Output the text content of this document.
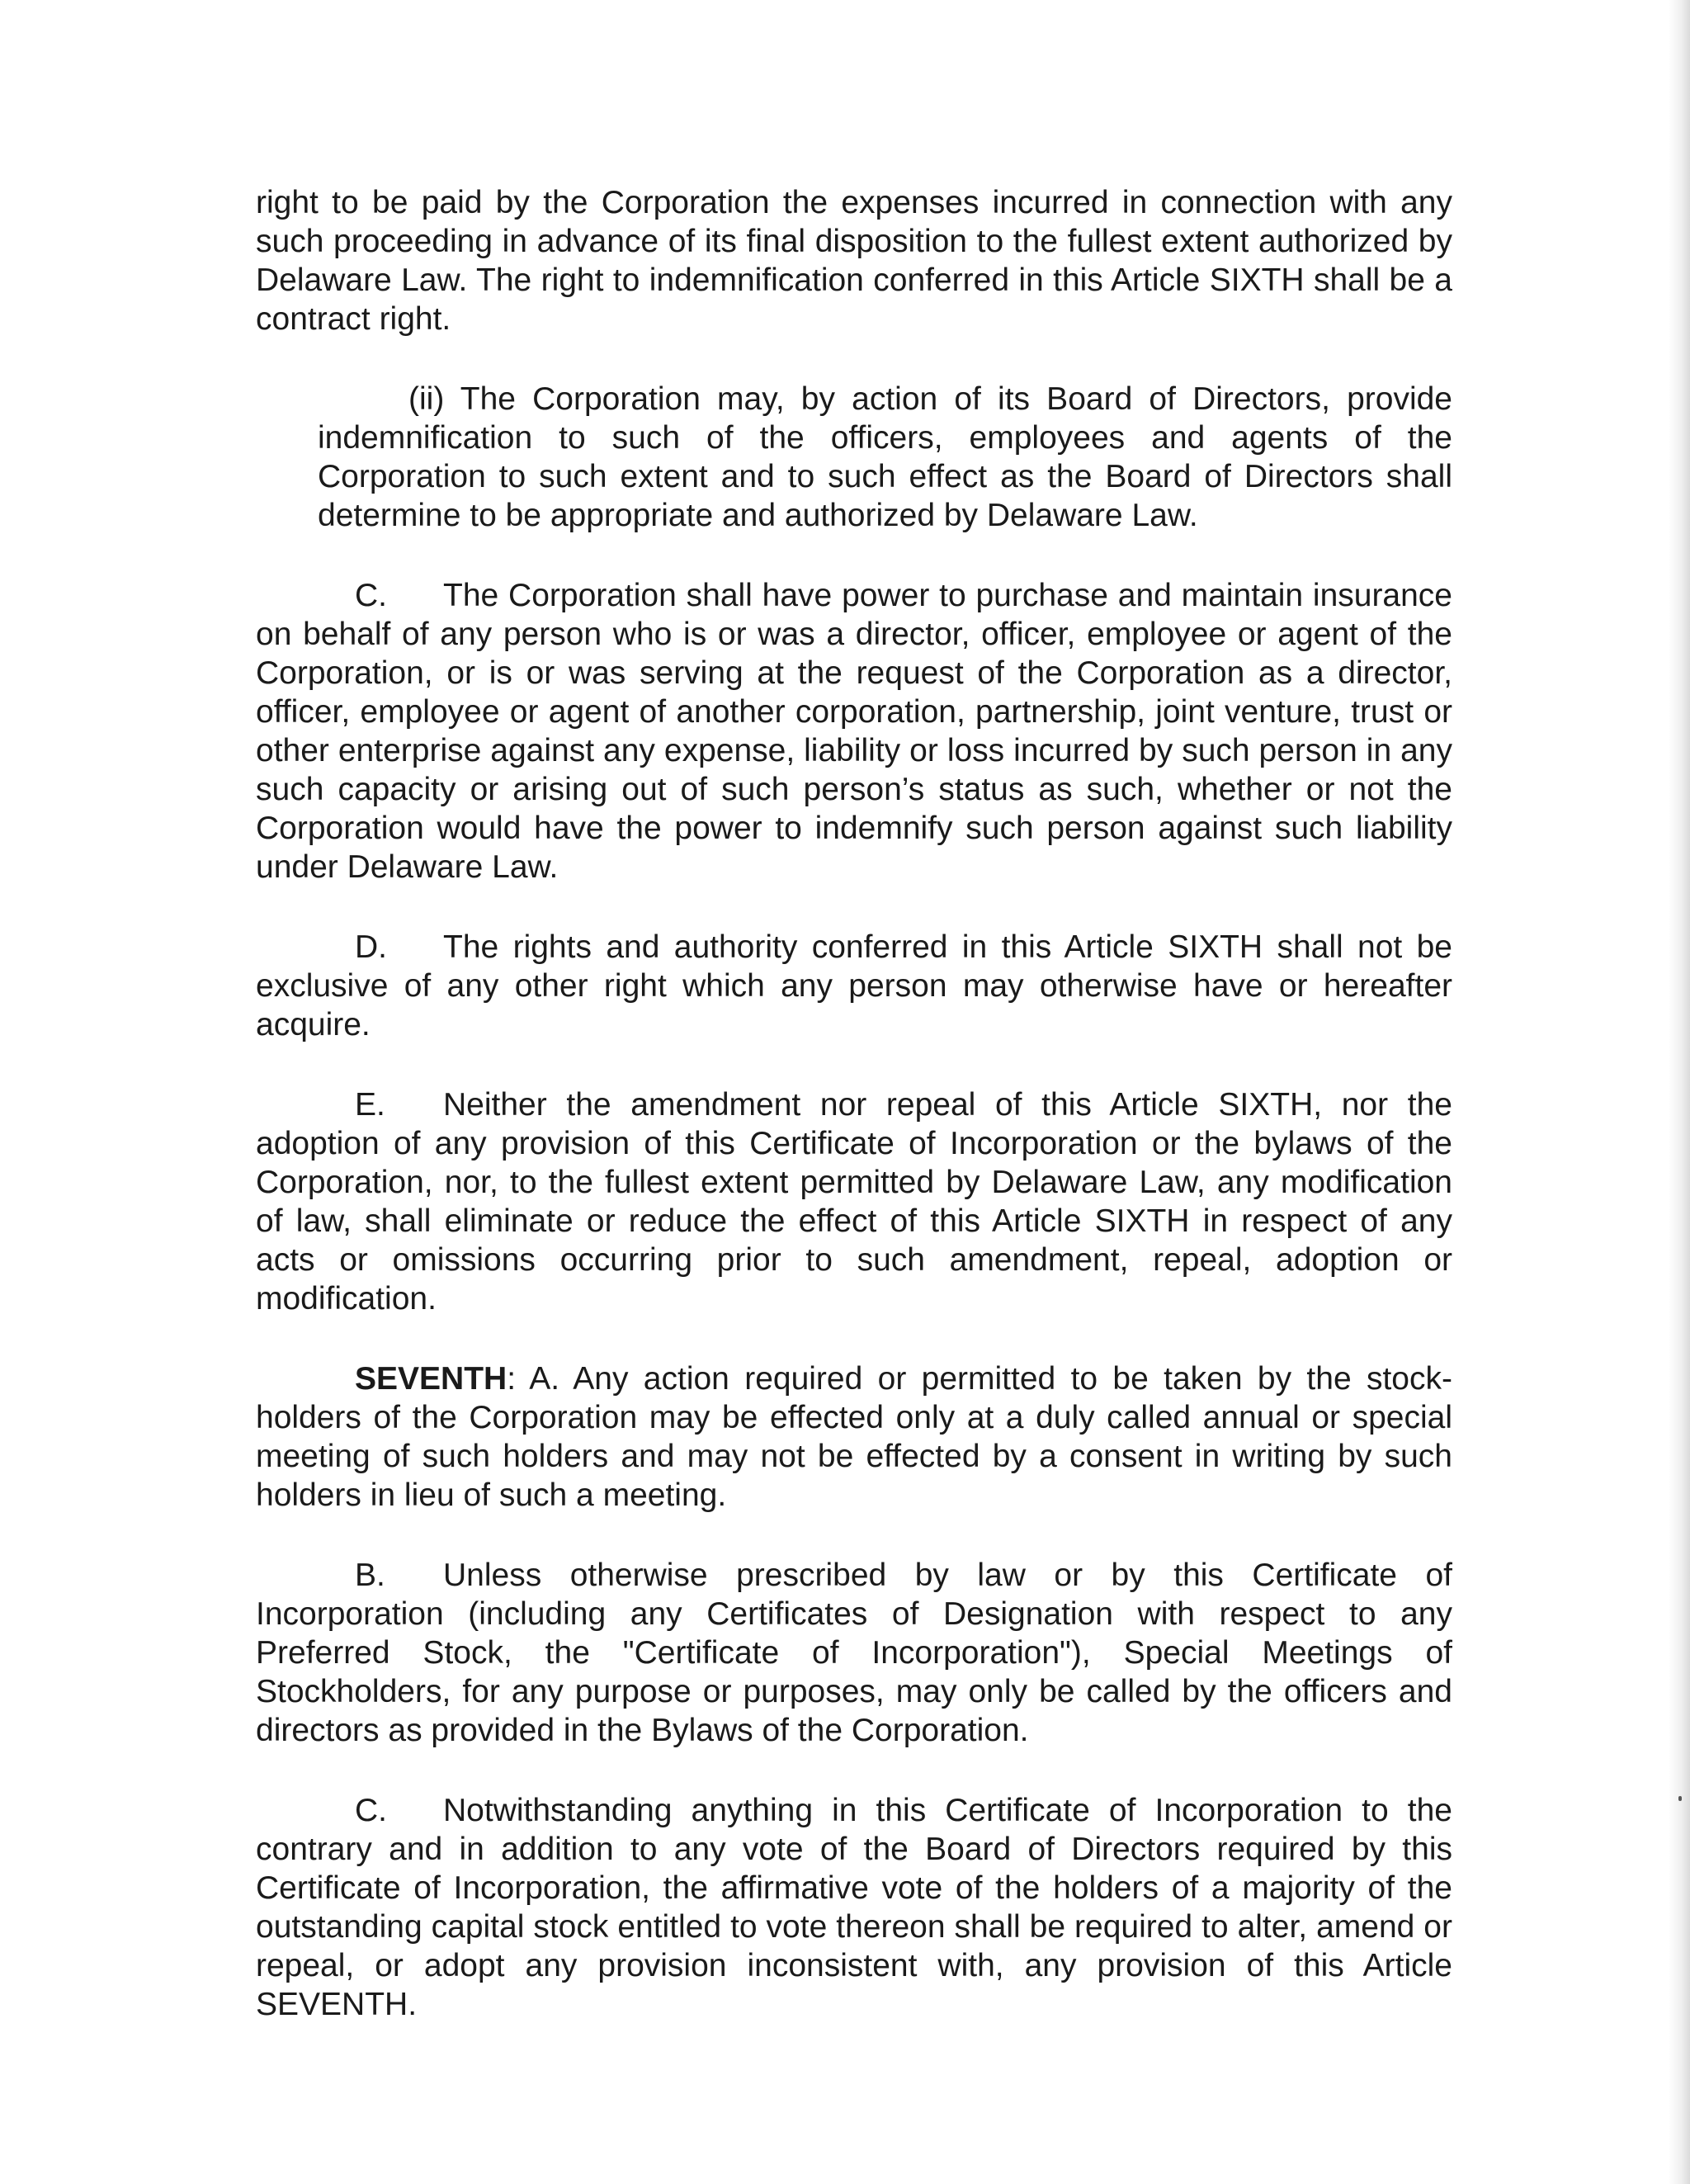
right to be paid by the Corporation the expenses incurred in connection with any such proceeding in advance of its final disposition to the fullest extent authorized by Delaware Law. The right to indemnification conferred in this Article SIXTH shall be a contract right.

(ii) The Corporation may, by action of its Board of Directors, provide indemnification to such of the officers, employees and agents of the Corporation to such extent and to such effect as the Board of Directors shall determine to be appropriate and authorized by Delaware Law.

C. The Corporation shall have power to purchase and maintain insurance on behalf of any person who is or was a director, officer, employee or agent of the Corporation, or is or was serving at the request of the Corporation as a director, officer, employee or agent of another corporation, partnership, joint venture, trust or other enterprise against any expense, liability or loss incurred by such person in any such capacity or arising out of such person’s status as such, whether or not the Corporation would have the power to indemnify such person against such liability under Delaware Law.

D. The rights and authority conferred in this Article SIXTH shall not be exclusive of any other right which any person may otherwise have or hereafter acquire.

E. Neither the amendment nor repeal of this Article SIXTH, nor the adoption of any provision of this Certificate of Incorporation or the bylaws of the Corporation, nor, to the fullest extent permitted by Delaware Law, any modification of law, shall eliminate or reduce the effect of this Article SIXTH in respect of any acts or omissions occurring prior to such amendment, repeal, adoption or modification.

SEVENTH: A. Any action required or permitted to be taken by the stock-holders of the Corporation may be effected only at a duly called annual or special meeting of such holders and may not be effected by a consent in writing by such holders in lieu of such a meeting.

B. Unless otherwise prescribed by law or by this Certificate of Incorporation (including any Certificates of Designation with respect to any Preferred Stock, the "Certificate of Incorporation"), Special Meetings of Stockholders, for any purpose or purposes, may only be called by the officers and directors as provided in the Bylaws of the Corporation.

C. Notwithstanding anything in this Certificate of Incorporation to the contrary and in addition to any vote of the Board of Directors required by this Certificate of Incorporation, the affirmative vote of the holders of a majority of the outstanding capital stock entitled to vote thereon shall be required to alter, amend or repeal, or adopt any provision inconsistent with, any provision of this Article SEVENTH.
